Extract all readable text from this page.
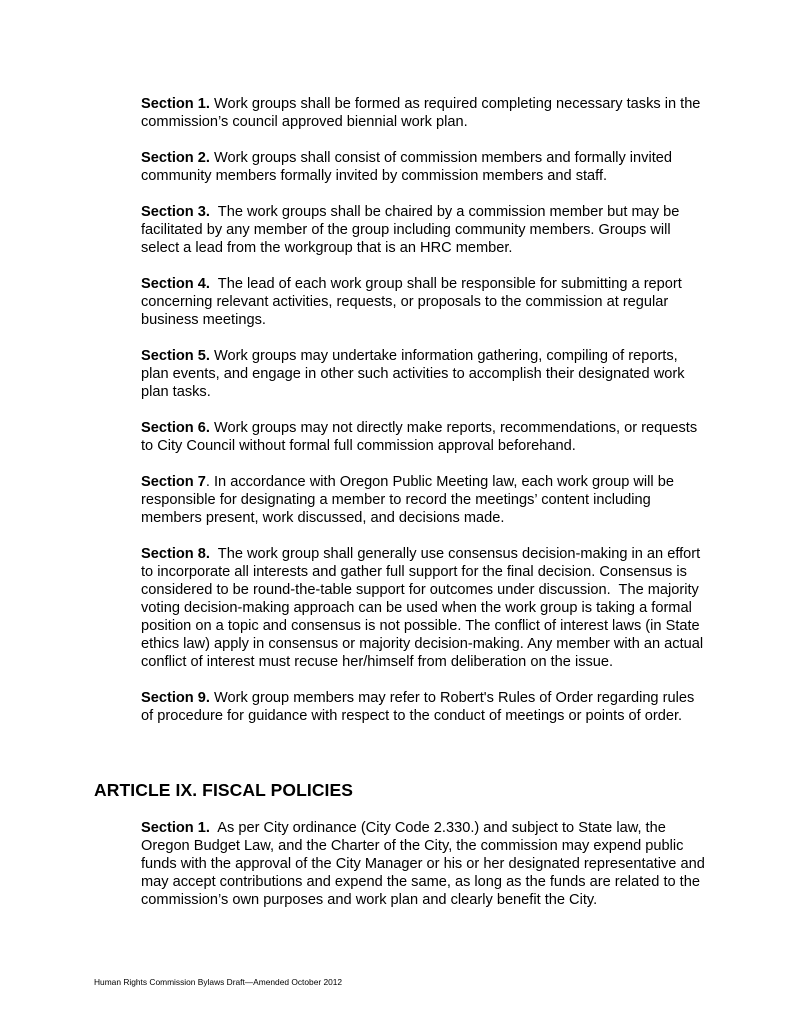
Section 1. Work groups shall be formed as required completing necessary tasks in the commission’s council approved biennial work plan.

Section 2. Work groups shall consist of commission members and formally invited community members formally invited by commission members and staff.

Section 3. The work groups shall be chaired by a commission member but may be facilitated by any member of the group including community members. Groups will select a lead from the workgroup that is an HRC member.

Section 4. The lead of each work group shall be responsible for submitting a report concerning relevant activities, requests, or proposals to the commission at regular business meetings.

Section 5. Work groups may undertake information gathering, compiling of reports, plan events, and engage in other such activities to accomplish their designated work plan tasks.

Section 6. Work groups may not directly make reports, recommendations, or requests to City Council without formal full commission approval beforehand.

Section 7. In accordance with Oregon Public Meeting law, each work group will be responsible for designating a member to record the meetings’ content including members present, work discussed, and decisions made.

Section 8. The work group shall generally use consensus decision-making in an effort to incorporate all interests and gather full support for the final decision. Consensus is considered to be round-the-table support for outcomes under discussion.  The majority voting decision-making approach can be used when the work group is taking a formal position on a topic and consensus is not possible. The conflict of interest laws (in State ethics law) apply in consensus or majority decision-making. Any member with an actual conflict of interest must recuse her/himself from deliberation on the issue.

Section 9. Work group members may refer to Robert's Rules of Order regarding rules of procedure for guidance with respect to the conduct of meetings or points of order.

ARTICLE IX. FISCAL POLICIES

Section 1. As per City ordinance (City Code 2.330.) and subject to State law, the Oregon Budget Law, and the Charter of the City, the commission may expend public funds with the approval of the City Manager or his or her designated representative and may accept contributions and expend the same, as long as the funds are related to the commission’s own purposes and work plan and clearly benefit the City.

Human Rights Commission Bylaws Draft—Amended October 2012
